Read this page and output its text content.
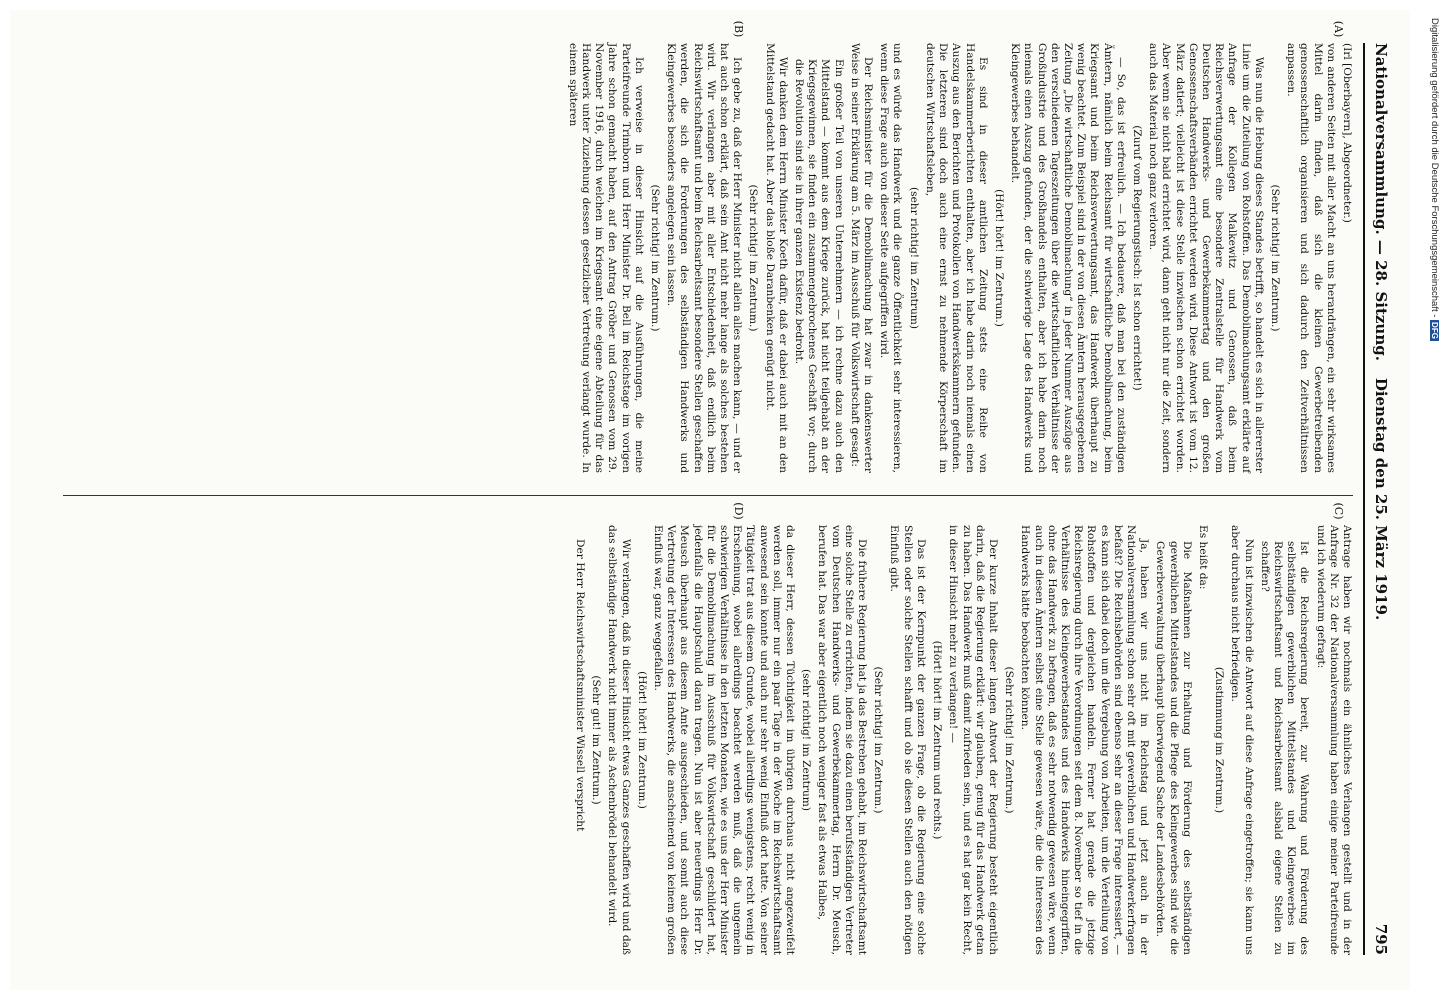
Nationalversammlung. — 28. Sitzung.
Dienstag den 25. März 1919.
795
(A)
(B)
(C)
(D)

(Irl [Oberbayern], Abgeordneter.)

von anderen Seiten mit aller Macht an uns herandrängen, ein sehr wirksames Mittel darin finden, daß sich die kleinen Gewerbetreibenden genossenschaftlich organisieren und sich dadurch den Zeitverhältnissen anpassen.

(Sehr richtig! im Zentrum.)

Was nun die Hebung dieses Standes betrifft, so handelt es sich in allererster Linie um die Zuteilung von Rohstoffen. Das Demobilmachungsamt erklärte auf Anfrage der Kollegen Malkewitz und Genossen, daß beim Reichsverwertungsamt eine besondere Zentralstelle für Handwerk vom Deutschen Handwerks- und Gewerbekammertag und den großen Genossenschaftsverbänden errichtet werden wird. Diese Antwort ist vom 12. März datiert; vielleicht ist diese Stelle inzwischen schon errichtet worden. Aber wenn sie nicht bald errichtet wird, dann geht nicht nur die Zeit, sondern auch das Material noch ganz verloren.

(Zuruf vom Regierungstisch: Ist schon errichtet!)

— So, das ist erfreulich. — Ich bedauere, daß man bei den zuständigen Ämtern, nämlich beim Reichsamt für wirtschaftliche Demobilmachung, beim Kriegsamt und beim Reichsverwertungsamt, das Handwerk überhaupt zu wenig beachtet. Zum Beispiel sind in der von diesen Ämtern herausgegebenen Zeitung „Die wirtschaftliche Demobilmachung“ in jeder Nummer Auszüge aus den verschiedenen Tageszeitungen über die wirtschaftlichen Verhältnisse der Großindustrie und des Großhandels enthalten, aber ich habe darin noch niemals einen Auszug gefunden, der die schwierige Lage des Handwerks und Kleingewerbes behandelt.

(Hört! hört! im Zentrum.)

Es sind in dieser amtlichen Zeitung stets eine Reihe von Handelskammerberichten enthalten, aber ich habe darin noch niemals einen Auszug aus den Berichten und Protokollen von Handwerkskammern gefunden. Die letzteren sind doch auch eine ernst zu nehmende Körperschaft im deutschen Wirtschaftsleben,

(sehr richtig! im Zentrum)

und es würde das Handwerk und die ganze Öffentlichkeit sehr interessieren, wenn diese Frage auch von dieser Seite aufgegriffen wird.

Der Reichsminister für die Demobilmachung hat zwar in dankenswerter Weise in seiner Erklärung am 5. März im Ausschuß für Volkswirtschaft gesagt:

Ein großer Teil von unseren Unternehmern — ich rechne dazu auch den Mittelstand — kommt aus dem Kriege zurück, hat nicht teilgehabt an der Kriegsgewinnen, sie finden ein zusammengebrochenes Geschäft vor; durch die Revolution sind sie in ihrer ganzen Existenz bedroht.

Wir danken dem Herrn Minister Koeth dafür, daß er dabei auch mit an den Mittelstand gedacht hat. Aber das bloße Daranbenken genügt nicht.

(Sehr richtig! im Zentrum.)

Ich gebe zu, daß der Herr Minister nicht allein alles machen kann, — und er hat auch schon erklärt, daß sein Amt nicht mehr lange als solches bestehen wird. Wir verlangen aber mit aller Entschiedenheit, daß endlich beim Reichswirtschaftsamt und beim Reichsarbeitsamt besondere Stellen geschaffen werden, die sich die Forderungen des selbständigen Handwerks und Kleingewerbes besonders angelegen sein lassen.

(Sehr richtig! im Zentrum.)

Ich verweise in dieser Hinsicht auf die Ausführungen, die meine Parteifreunde Trimborn und Herr Minister Dr. Bell im Reichstage im vorigen Jahre schon gemacht haben, auf den Antrag Gröber und Genossen vom 29. November 1916, durch welchen im Kriegsamt eine eigene Abteilung für das Handwerk unter Zuziehung dessen gesetzlicher Vertretung verlangt wurde. In einem späteren

Antrage haben wir nochmals ein ähnliches Verlangen gestellt und in der Anfrage Nr. 32 der Nationalversammlung haben einige meiner Parteifreunde und ich wiederum gefragt:

Ist die Reichsregierung bereit, zur Wahrung und Förderung des selbständigen gewerblichen Mittelstandes und Kleingewerbes im Reichswirtschaftsamt und Reichsarbeitsamt alsbald eigene Stellen zu schaffen?

Nun ist inzwischen die Antwort auf diese Anfrage eingetroffen; sie kann uns aber durchaus nicht befriedigen.

(Zustimmung im Zentrum.)

Es heißt da:

Die Maßnahmen zur Erhaltung und Förderung des selbständigen gewerblichen Mittelstandes und die Pflege des Kleingewerbes sind wie die Gewerbeverwaltung überhaupt überwiegend Sache der Landesbehörden.

Ja, haben wir uns nicht im Reichstag und jetzt auch in der Nationalversammlung schon sehr oft mit gewerblichen und Handwerkerfragen befaßt? Die Reichsbehörden sind ebenso sehr an dieser Frage interessiert, — es kann sich dabei doch um die Vergebung von Arbeiten, um die Verteilung von Rohstoffen und dergleichen handeln. Ferner hat gerade die jetzige Reichsregierung durch ihre Verordnungen seit dem 8. November so tief in die Verhältnisse des Kleingewerbestandes und des Handwerks hineingegriffen, ohne das Handwerk zu befragen, daß es sehr notwendig gewesen wäre, wenn auch in diesen Ämtern selbst eine Stelle gewesen wäre, die die Interessen des Handwerks hätte beobachten können.

(Sehr richtig! im Zentrum.)

Der kurze Inhalt dieser langen Antwort der Regierung besteht eigentlich darin, daß die Regierung erklärt: wir glauben, genug für das Handwerk getan zu haben. Das Handwerk muß damit zufrieden sein, und es hat gar kein Recht, in dieser Hinsicht mehr zu verlangen! —

(Hört! hört! im Zentrum und rechts.)

Das ist der Kernpunkt der ganzen Frage, ob die Regierung eine solche Stellen oder solche Stellen schafft und ob sie diesen Stellen auch den nötigen Einfluß gibt.

(Sehr richtig! im Zentrum.)

Die frühere Regierung hat ja das Bestreben gehabt, im Reichswirtschaftsamt eine solche Stelle zu errichten, indem sie dazu einen berufsständigen Vertreter vom Deutschen Handwerks- und Gewerbekammertag, Herrn Dr. Meusch, berufen hat. Das war aber eigentlich noch weniger fast als etwas Halbes,

(sehr richtig! im Zentrum)

da dieser Herr, dessen Tüchtigkeit im übrigen durchaus nicht angezweifelt werden soll, immer nur ein paar Tage in der Woche im Reichswirtschaftsamt anwesend sein konnte und auch nur sehr wenig Einfluß dort hatte. Von seiner Tätigkeit trat aus diesem Grunde, wobei allerdings wenigstens, recht wenig in Erscheinung, wobei allerdings beachtet werden muß, daß die ungemein schwierigen Verhältnisse in den letzten Monaten, wie es uns der Herr Minister für die Demobilmachung im Ausschuß für Volkswirtschaft geschildert hat, jedenfalls die Hauptschuld daran tragen. Nun ist aber neuerdings Herr Dr. Meusch überhaupt aus diesem Amte ausgeschieden, und somit auch diese Vertretung der Interessen des Handwerks, die anscheinend von keinem großen Einfluß war, ganz weggefallen.

(Hört! hört! im Zentrum.)

Wir verlangen, daß in dieser Hinsicht etwas Ganzes geschaffen wird und daß das selbständige Handwerk nicht immer als Aschenbrödel behandelt wird.

(Sehr gut! im Zentrum.)

Der Herr Reichswirtschaftsminister Wissell verspricht

Digitalisierung gefördert durch die Deutsche Forschungsgemeinschaft - DFG
